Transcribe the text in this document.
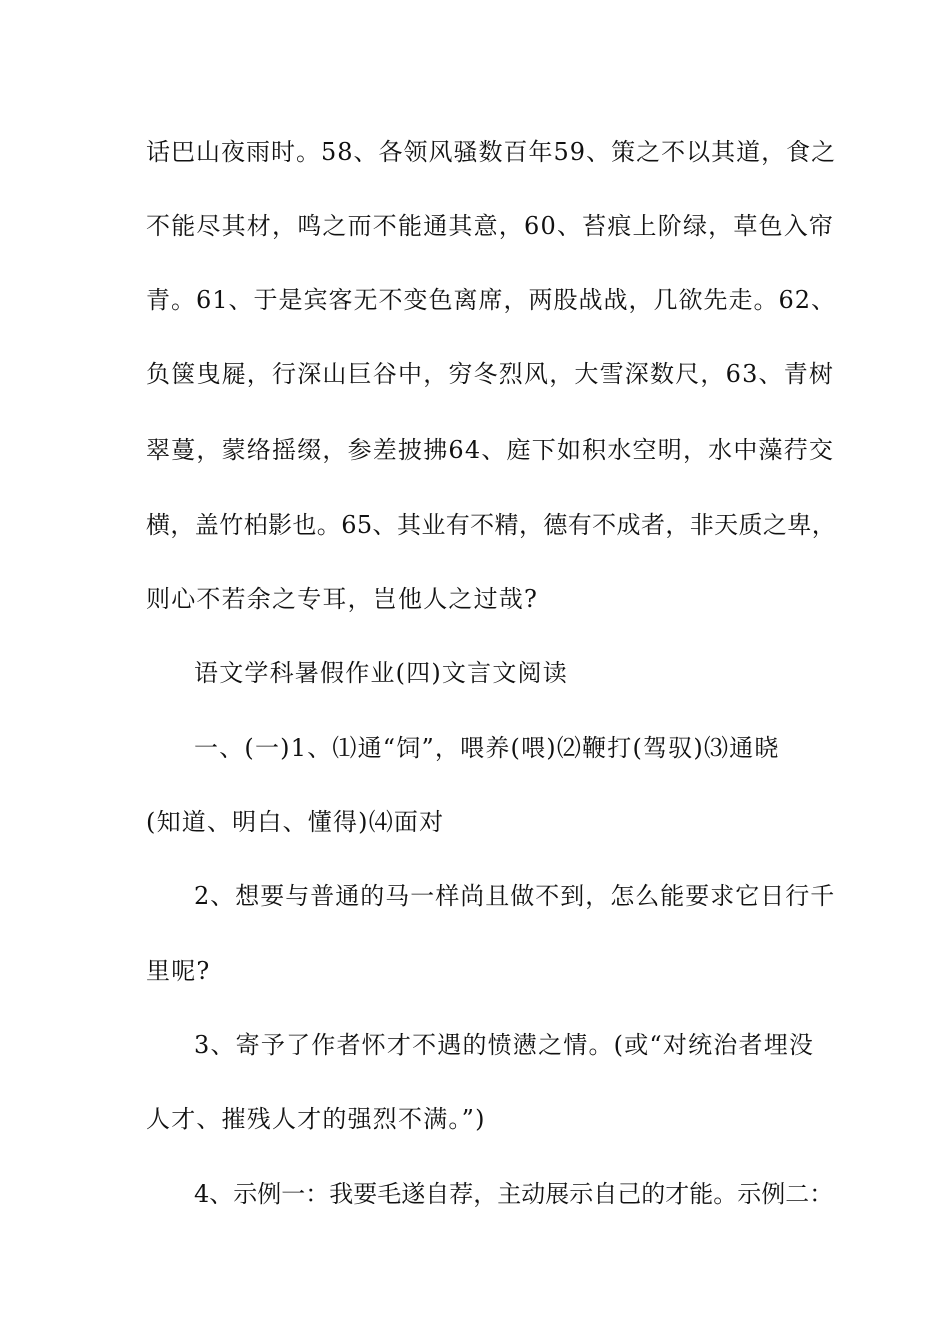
话巴山夜雨时。58、各领风骚数百年59、策之不以其道，食之
不能尽其材，鸣之而不能通其意，60、苔痕上阶绿，草色入帘
青。61、于是宾客无不变色离席，两股战战，几欲先走。62、
负箧曳屣，行深山巨谷中，穷冬烈风，大雪深数尺，63、青树
翠蔓，蒙络摇缀，参差披拂64、庭下如积水空明，水中藻荇交
横，盖竹柏影也。65、其业有不精，德有不成者，非天质之卑，
则心不若余之专耳，岂他人之过哉?
语文学科暑假作业(四)文言文阅读
一、(一)1、⑴通“饲”，喂养(喂)⑵鞭打(驾驭)⑶通晓
(知道、明白、懂得)⑷面对
2、想要与普通的马一样尚且做不到，怎么能要求它日行千
里呢?
3、寄予了作者怀才不遇的愤懑之情。(或“对统治者埋没
人才、摧残人才的强烈不满。”)
4、示例一：我要毛遂自荐，主动展示自己的才能。示例二：
